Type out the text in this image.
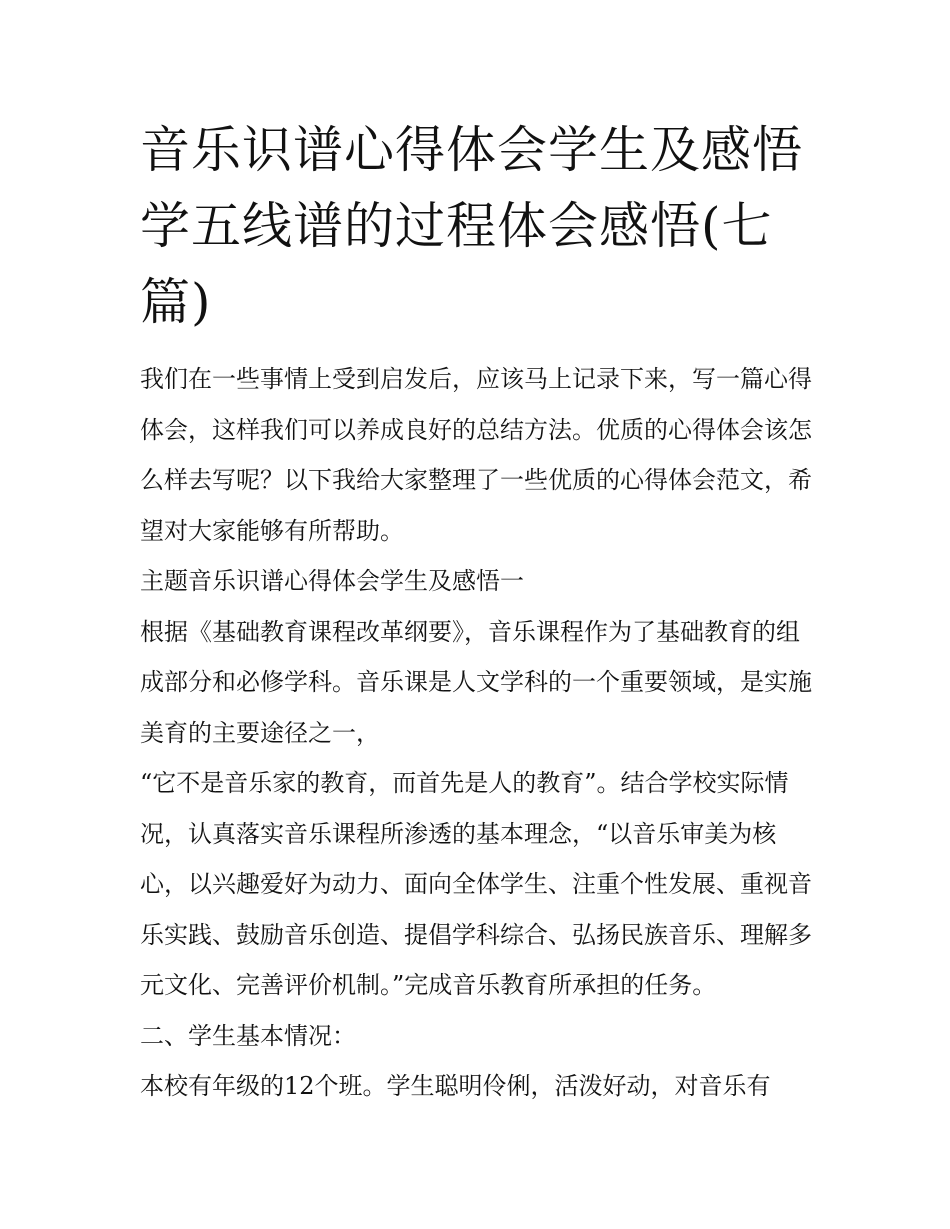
音乐识谱心得体会学生及感悟学五线谱的过程体会感悟(七篇)

我们在一些事情上受到启发后，应该马上记录下来，写一篇心得体会，这样我们可以养成良好的总结方法。优质的心得体会该怎么样去写呢？以下我给大家整理了一些优质的心得体会范文，希望对大家能够有所帮助。

主题音乐识谱心得体会学生及感悟一

根据《基础教育课程改革纲要》，音乐课程作为了基础教育的组成部分和必修学科。音乐课是人文学科的一个重要领域，是实施美育的主要途径之一，

“它不是音乐家的教育，而首先是人的教育”。结合学校实际情况，认真落实音乐课程所渗透的基本理念，“以音乐审美为核心，以兴趣爱好为动力、面向全体学生、注重个性发展、重视音乐实践、鼓励音乐创造、提倡学科综合、弘扬民族音乐、理解多元文化、完善评价机制。”完成音乐教育所承担的任务。

二、学生基本情况：

本校有年级的12个班。学生聪明伶俐，活泼好动，对音乐有
